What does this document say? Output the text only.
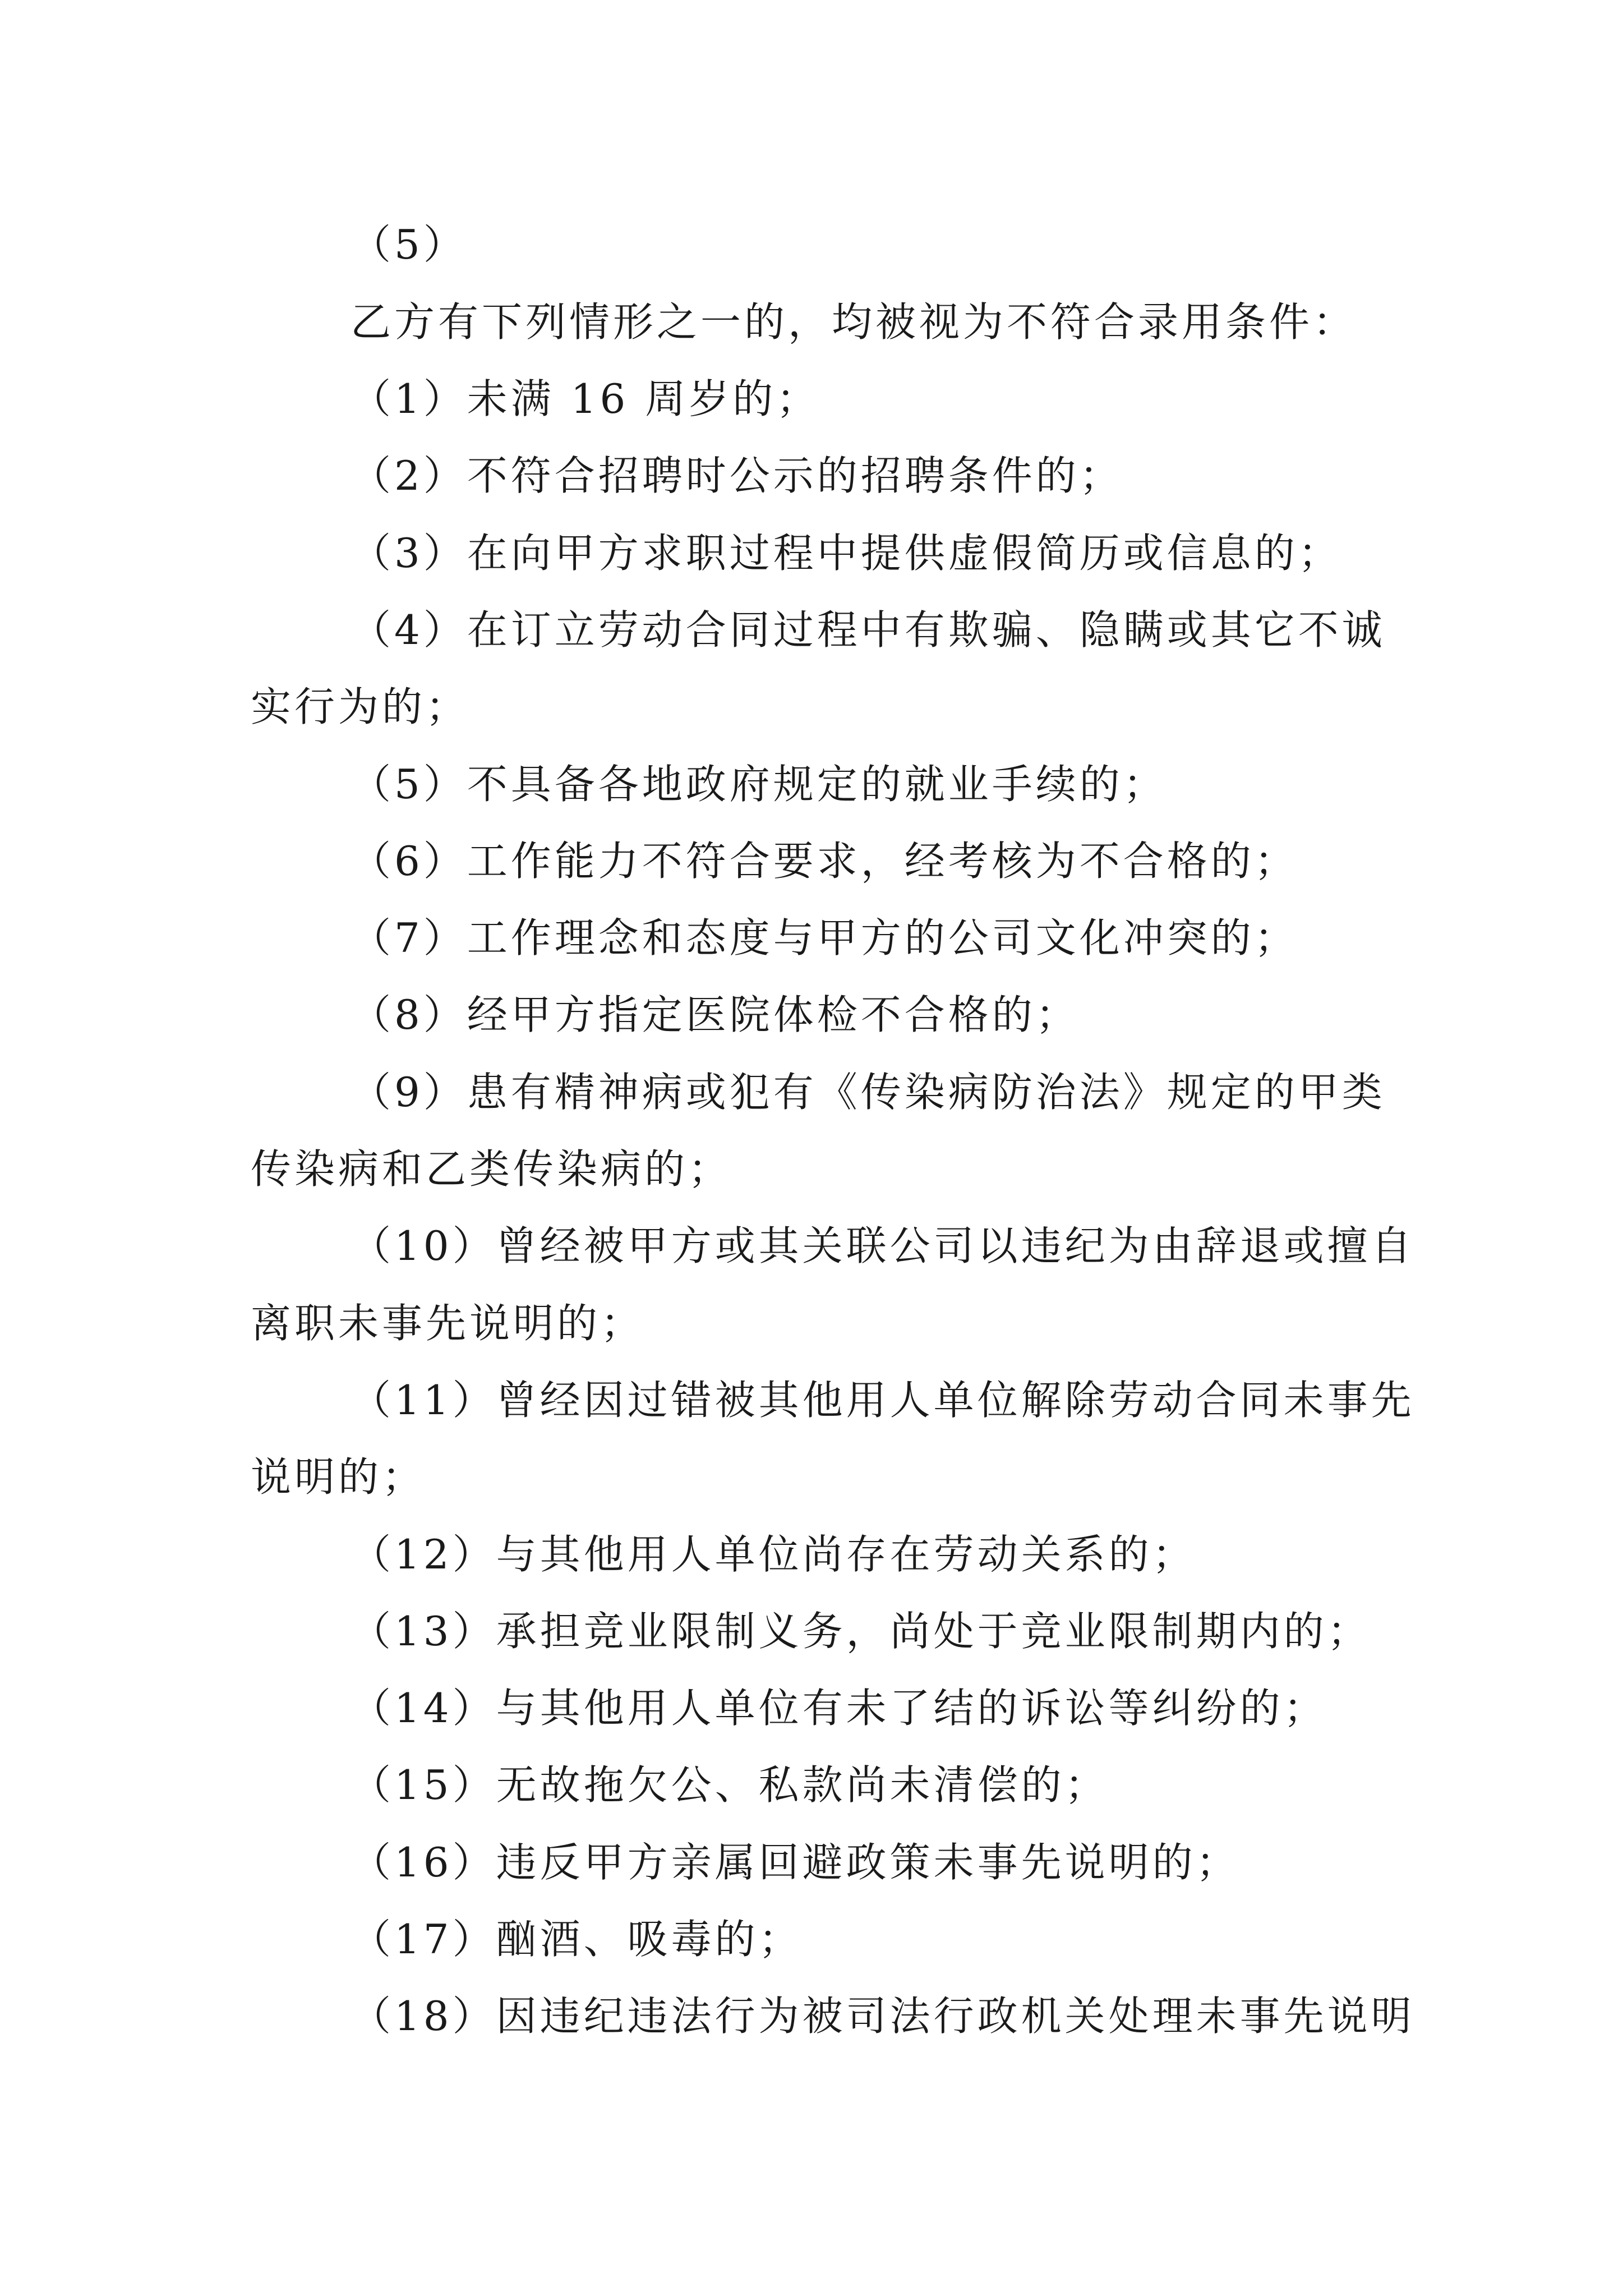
（5）
乙方有下列情形之一的，均被视为不符合录用条件：
（1）未满 16 周岁的；
（2）不符合招聘时公示的招聘条件的；
（3）在向甲方求职过程中提供虚假简历或信息的；
（4）在订立劳动合同过程中有欺骗、隐瞒或其它不诚
实行为的；
（5）不具备各地政府规定的就业手续的；
（6）工作能力不符合要求，经考核为不合格的；
（7）工作理念和态度与甲方的公司文化冲突的；
（8）经甲方指定医院体检不合格的；
（9）患有精神病或犯有《传染病防治法》规定的甲类
传染病和乙类传染病的；
（10）曾经被甲方或其关联公司以违纪为由辞退或擅自
离职未事先说明的；
（11）曾经因过错被其他用人单位解除劳动合同未事先
说明的；
（12）与其他用人单位尚存在劳动关系的；
（13）承担竞业限制义务，尚处于竞业限制期内的；
（14）与其他用人单位有未了结的诉讼等纠纷的；
（15）无故拖欠公、私款尚未清偿的；
（16）违反甲方亲属回避政策未事先说明的；
（17）酗酒、吸毒的；
（18）因违纪违法行为被司法行政机关处理未事先说明
